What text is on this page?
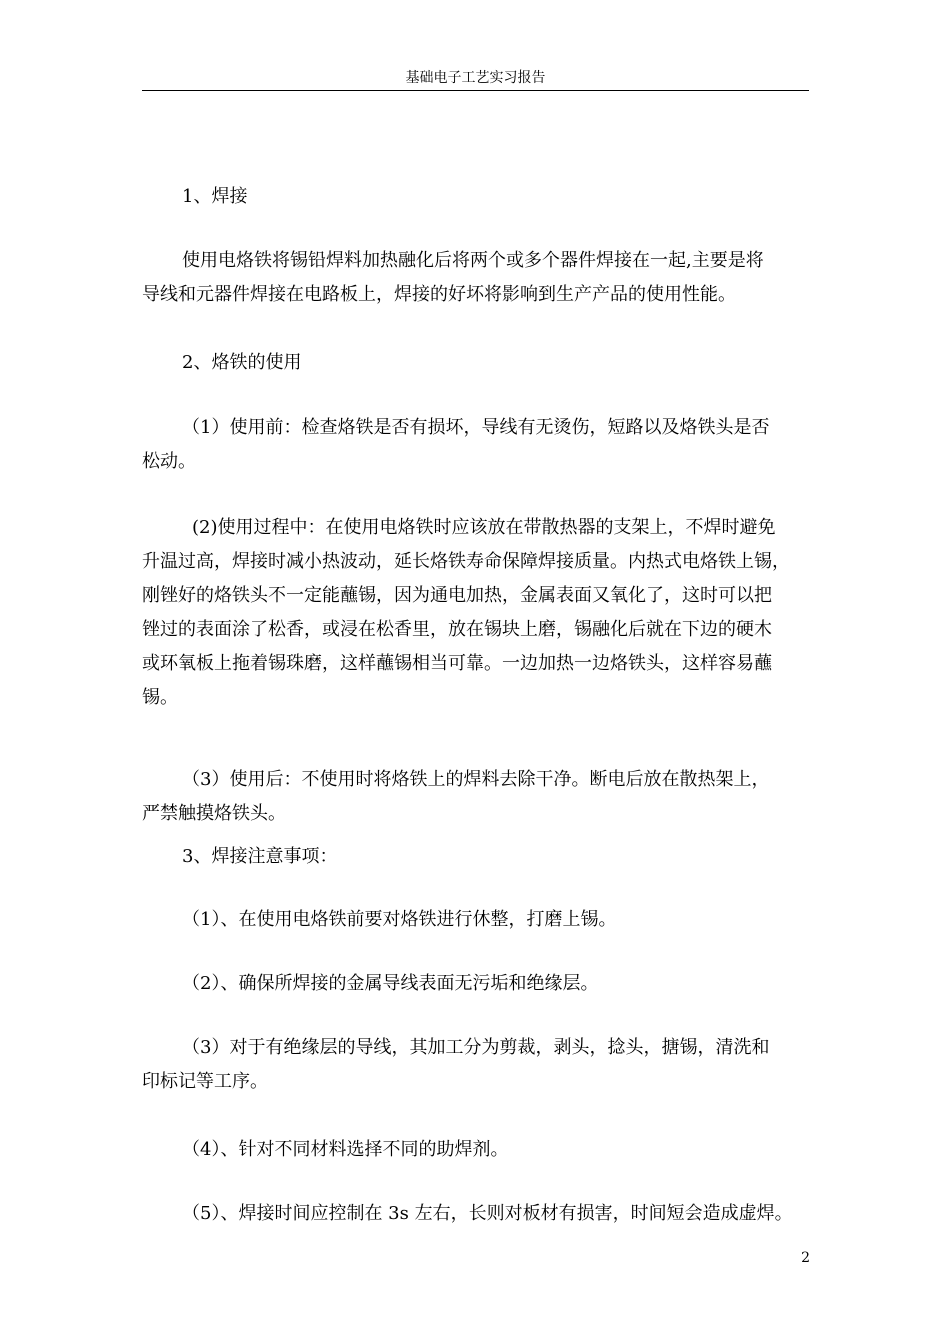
基础电子工艺实习报告
1、焊接
使用电烙铁将锡铅焊料加热融化后将两个或多个器件焊接在一起,主要是将
导线和元器件焊接在电路板上，焊接的好坏将影响到生产产品的使用性能。
2、烙铁的使用
（1）使用前：检查烙铁是否有损坏，导线有无烫伤，短路以及烙铁头是否
松动。
(2)使用过程中：在使用电烙铁时应该放在带散热器的支架上，不焊时避免
升温过高，焊接时减小热波动，延长烙铁寿命保障焊接质量。内热式电烙铁上锡，
刚锉好的烙铁头不一定能蘸锡，因为通电加热，金属表面又氧化了，这时可以把
锉过的表面涂了松香，或浸在松香里，放在锡块上磨，锡融化后就在下边的硬木
或环氧板上拖着锡珠磨，这样蘸锡相当可靠。一边加热一边烙铁头，这样容易蘸
锡。
（3）使用后：不使用时将烙铁上的焊料去除干净。断电后放在散热架上，
严禁触摸烙铁头。
3、焊接注意事项：
（1）、在使用电烙铁前要对烙铁进行休整，打磨上锡。
（2）、确保所焊接的金属导线表面无污垢和绝缘层。
（3）对于有绝缘层的导线，其加工分为剪裁，剥头，捻头，搪锡，清洗和
印标记等工序。
（4）、针对不同材料选择不同的助焊剂。
（5）、焊接时间应控制在 3s 左右，长则对板材有损害，时间短会造成虚焊。
2
